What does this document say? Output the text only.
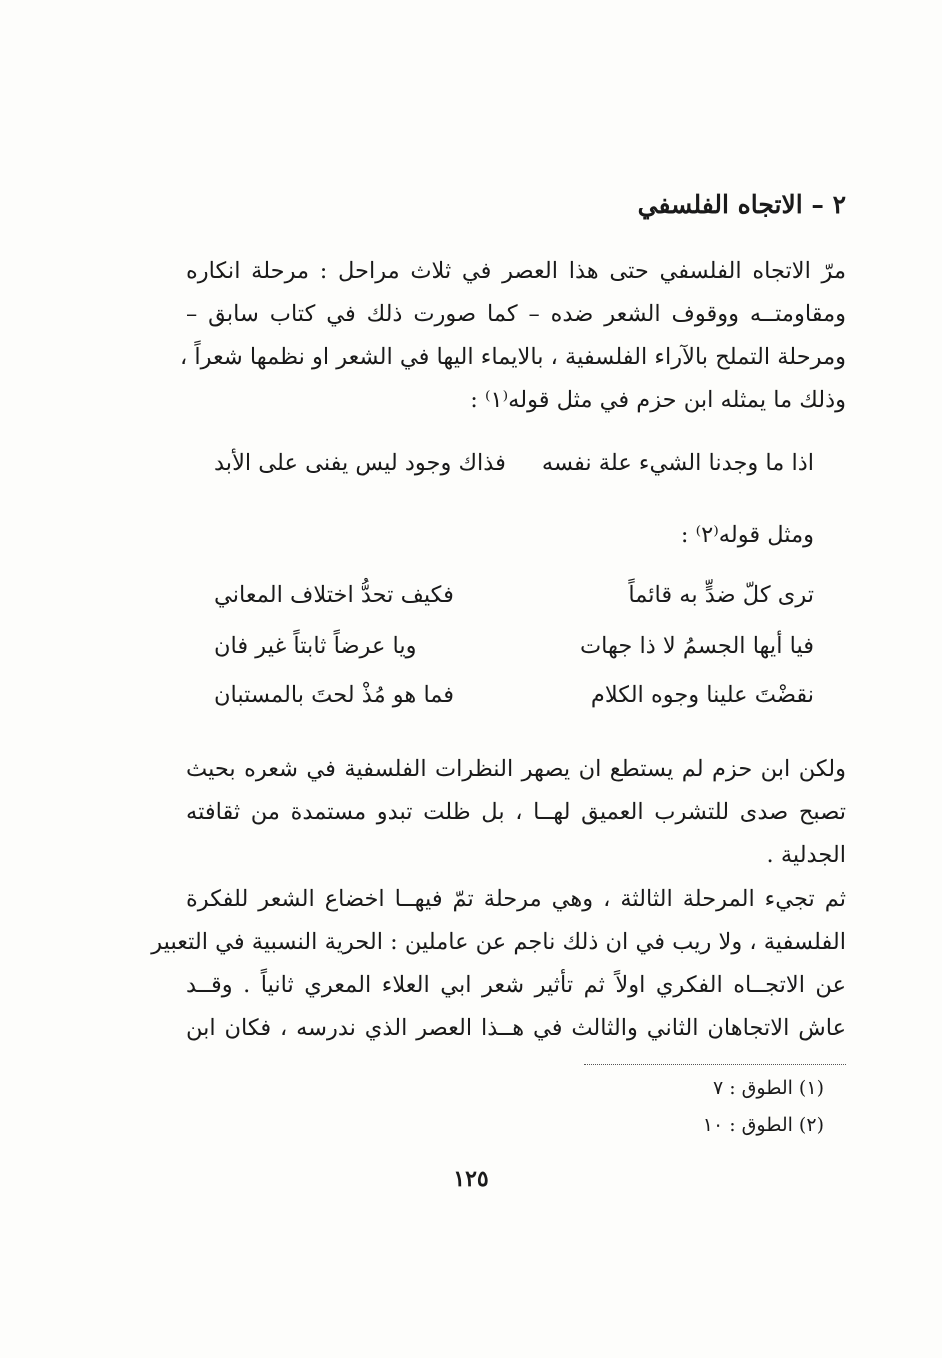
٢ – الاتجاه الفلسفي
مرّ الاتجاه الفلسفي حتى هذا العصر في ثلاث مراحل : مرحلة انكاره
ومقاومتــه ووقوف الشعر ضده – كما صورت ذلك في كتاب سابق –
ومرحلة التملح بالآراء الفلسفية ، بالايماء اليها في الشعر او نظمها شعراً ،
وذلك ما يمثله ابن حزم في مثل قوله⁽١⁾ :
اذا ما وجدنا الشيء علة نفسه
فذاك وجود ليس يفنى على الأبد
ومثل قوله⁽٢⁾ :
ترى كلّ ضدٍّ به قائماً
فكيف تحدُّ اختلاف المعاني
فيا أيها الجسمُ لا ذا جهات
ويا عرضاً ثابتاً غير فان
نقضْتَ علينا وجوه الكلام
فما هو مُذْ لحتَ بالمستبان
ولكن ابن حزم لم يستطع ان يصهر النظرات الفلسفية في شعره بحيث
تصبح صدى للتشرب العميق لهــا ، بل ظلت تبدو مستمدة من ثقافته
الجدلية .
ثم تجيء المرحلة الثالثة ، وهي مرحلة تمّ فيهــا اخضاع الشعر للفكرة
الفلسفية ، ولا ريب في ان ذلك ناجم عن عاملين : الحرية النسبية في التعبير
عن الاتجــاه الفكري اولاً ثم تأثير شعر ابي العلاء المعري ثانياً . وقــد
عاش الاتجاهان الثاني والثالث في هــذا العصر الذي ندرسه ، فكان ابن
(١) الطوق : ٧
(٢) الطوق : ١٠
١٢٥
